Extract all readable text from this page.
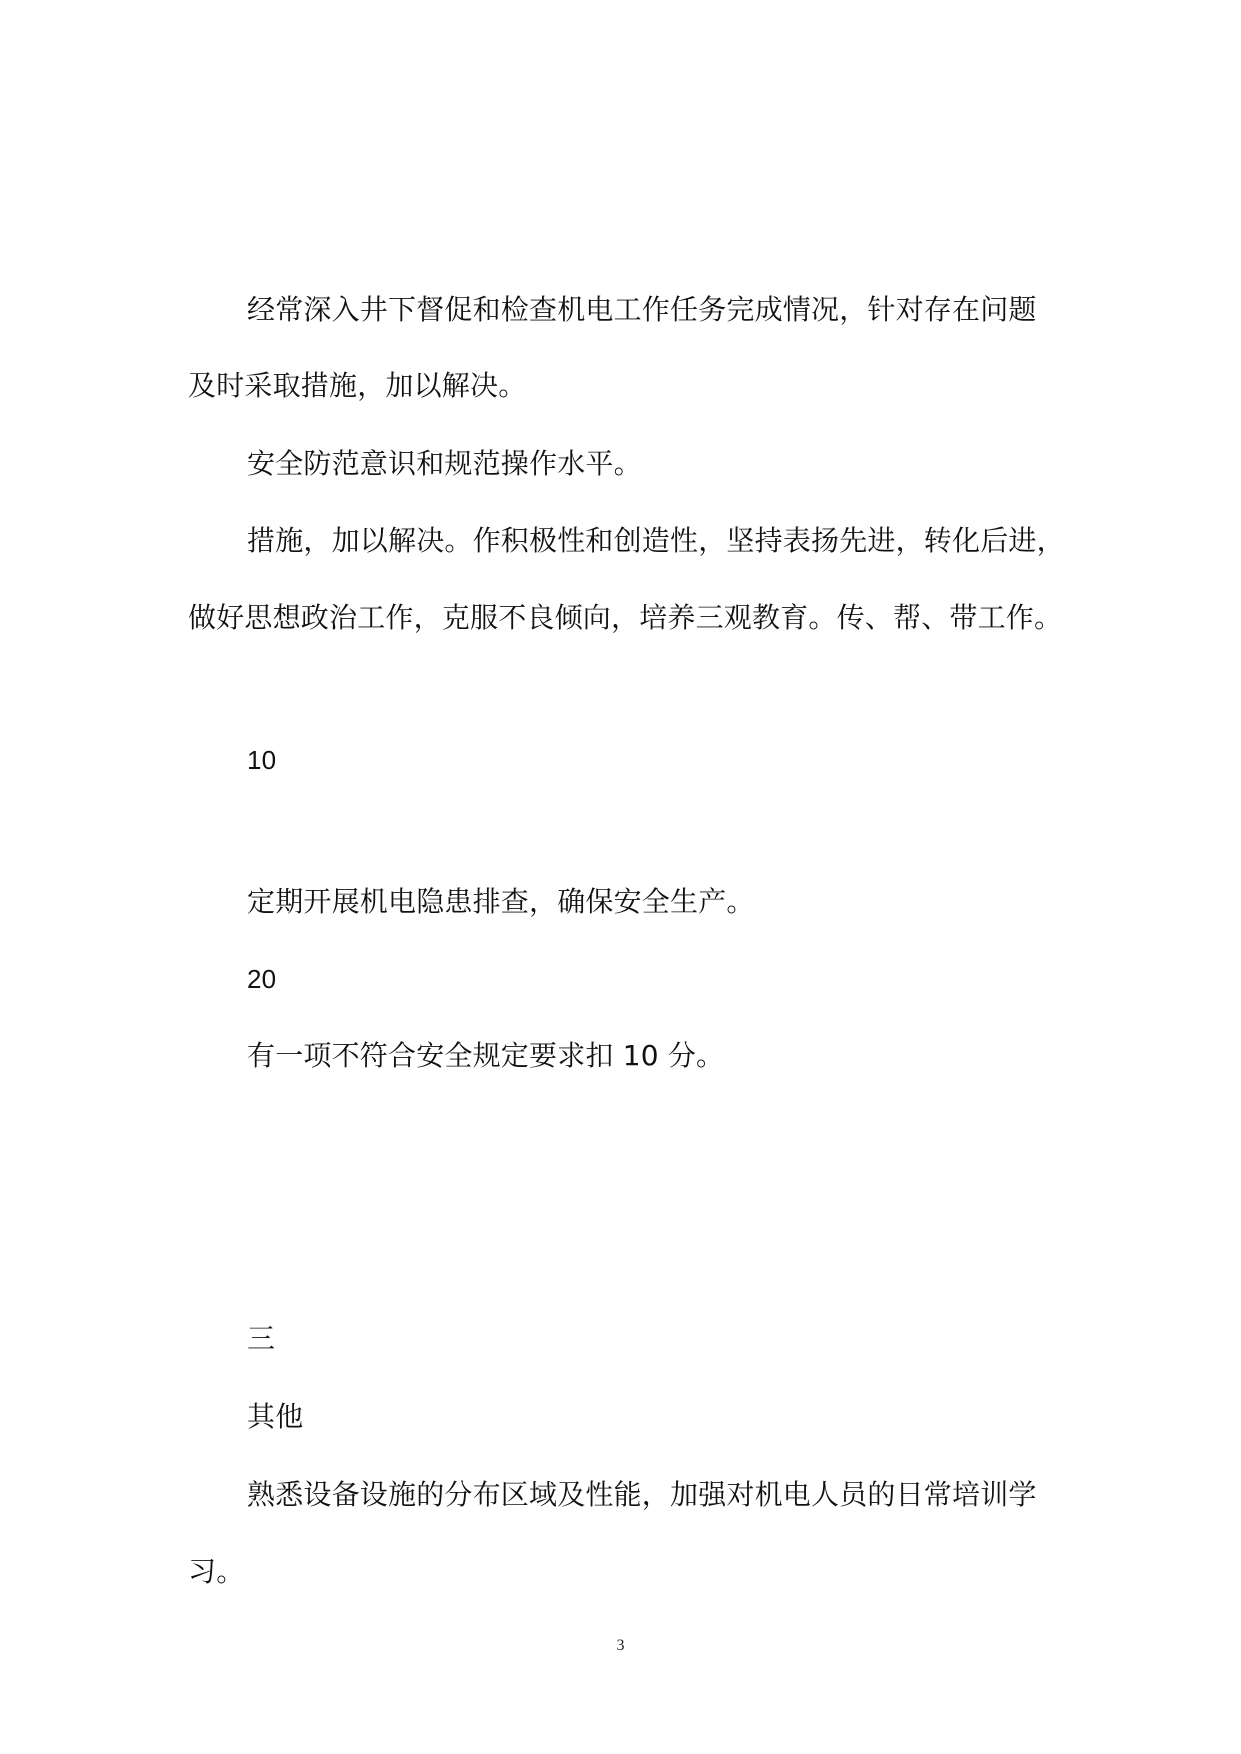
经常深入井下督促和检查机电工作任务完成情况，针对存在问题
及时采取措施，加以解决。
安全防范意识和规范操作水平。
措施，加以解决。作积极性和创造性，坚持表扬先进，转化后进，
做好思想政治工作，克服不良倾向，培养三观教育。传、帮、带工作。
10
定期开展机电隐患排查，确保安全生产。
20
有一项不符合安全规定要求扣 10 分。
三
其他
熟悉设备设施的分布区域及性能，加强对机电人员的日常培训学
习。
3
